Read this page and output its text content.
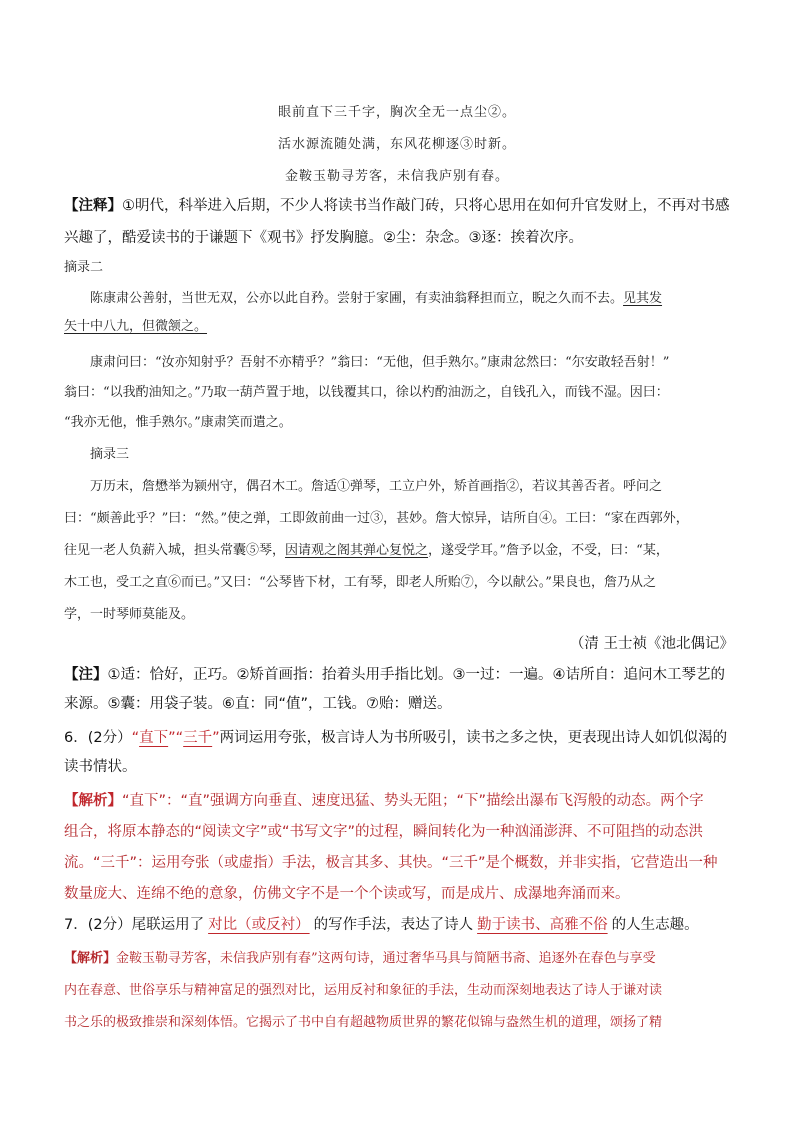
眼前直下三千字，胸次全无一点尘②。
活水源流随处满，东风花柳逐③时新。
金鞍玉勒寻芳客，未信我庐别有春。
【注释】①明代，科举进入后期，不少人将读书当作敲门砖，只将心思用在如何升官发财上，不再对书感
兴趣了，酷爱读书的于谦题下《观书》抒发胸臆。②尘：杂念。③逐：挨着次序。
摘录二
陈康肃公善射，当世无双，公亦以此自矜。尝射于家圃，有卖油翁释担而立，睨之久而不去。见其发
矢十中八九，但微颔之。
康肃问曰：“汝亦知射乎？吾射不亦精乎？”翁曰：“无他，但手熟尔。”康肃忿然曰：“尔安敢轻吾射！”
翁曰：“以我酌油知之。”乃取一葫芦置于地，以钱覆其口，徐以杓酌油沥之，自钱孔入，而钱不湿。因曰：
“我亦无他，惟手熟尔。”康肃笑而遣之。
摘录三
万历末，詹懋举为颍州守，偶召木工。詹适①弹琴，工立户外，矫首画指②，若议其善否者。呼问之
曰：“颇善此乎？”曰：“然。”使之弹，工即敛前曲一过③，甚妙。詹大惊异，诘所自④。工曰：“家在西郭外，
往见一老人负薪入城，担头常囊⑤琴，因请观之阁其弹心复悦之，遂受学耳。”詹予以金，不受，曰：“某，
木工也，受工之直⑥而已。”又曰：“公琴皆下材，工有琴，即老人所贻⑦，今以献公。”果良也，詹乃从之
学，一时琴师莫能及。
（清 王士祯《池北偶记》
【注】①适：恰好，正巧。②矫首画指：抬着头用手指比划。③一过：一遍。④诘所自：追问木工琴艺的
来源。⑤囊：用袋子装。⑥直：同“值”，工钱。⑦贻：赠送。
6．(2分）“直下”“三千”两词运用夸张，极言诗人为书所吸引，读书之多之快，更表现出诗人如饥似渴的
读书情状。
【解析】“直下”：“直”强调方向垂直、速度迅猛、势头无阻；“下”描绘出瀑布飞泻般的动态。两个字
组合，将原本静态的“阅读文字”或“书写文字”的过程，瞬间转化为一种汹涌澎湃、不可阻挡的动态洪
流。“三千”：运用夸张（或虚指）手法，极言其多、其快。“三千”是个概数，并非实指，它营造出一种
数量庞大、连绵不绝的意象，仿佛文字不是一个个读或写，而是成片、成瀑地奔涌而来。
7．(2分）尾联运用了 对比（或反衬） 的写作手法，表达了诗人 勤于读书、高雅不俗 的人生志趣。
【解析】金鞍玉勒寻芳客，未信我庐别有春”这两句诗，通过奢华马具与简陋书斋、追逐外在春色与享受
内在春意、世俗享乐与精神富足的强烈对比，运用反衬和象征的手法，生动而深刻地表达了诗人于谦对读
书之乐的极致推崇和深刻体悟。它揭示了书中自有超越物质世界的繁花似锦与盎然生机的道理，颂扬了精
